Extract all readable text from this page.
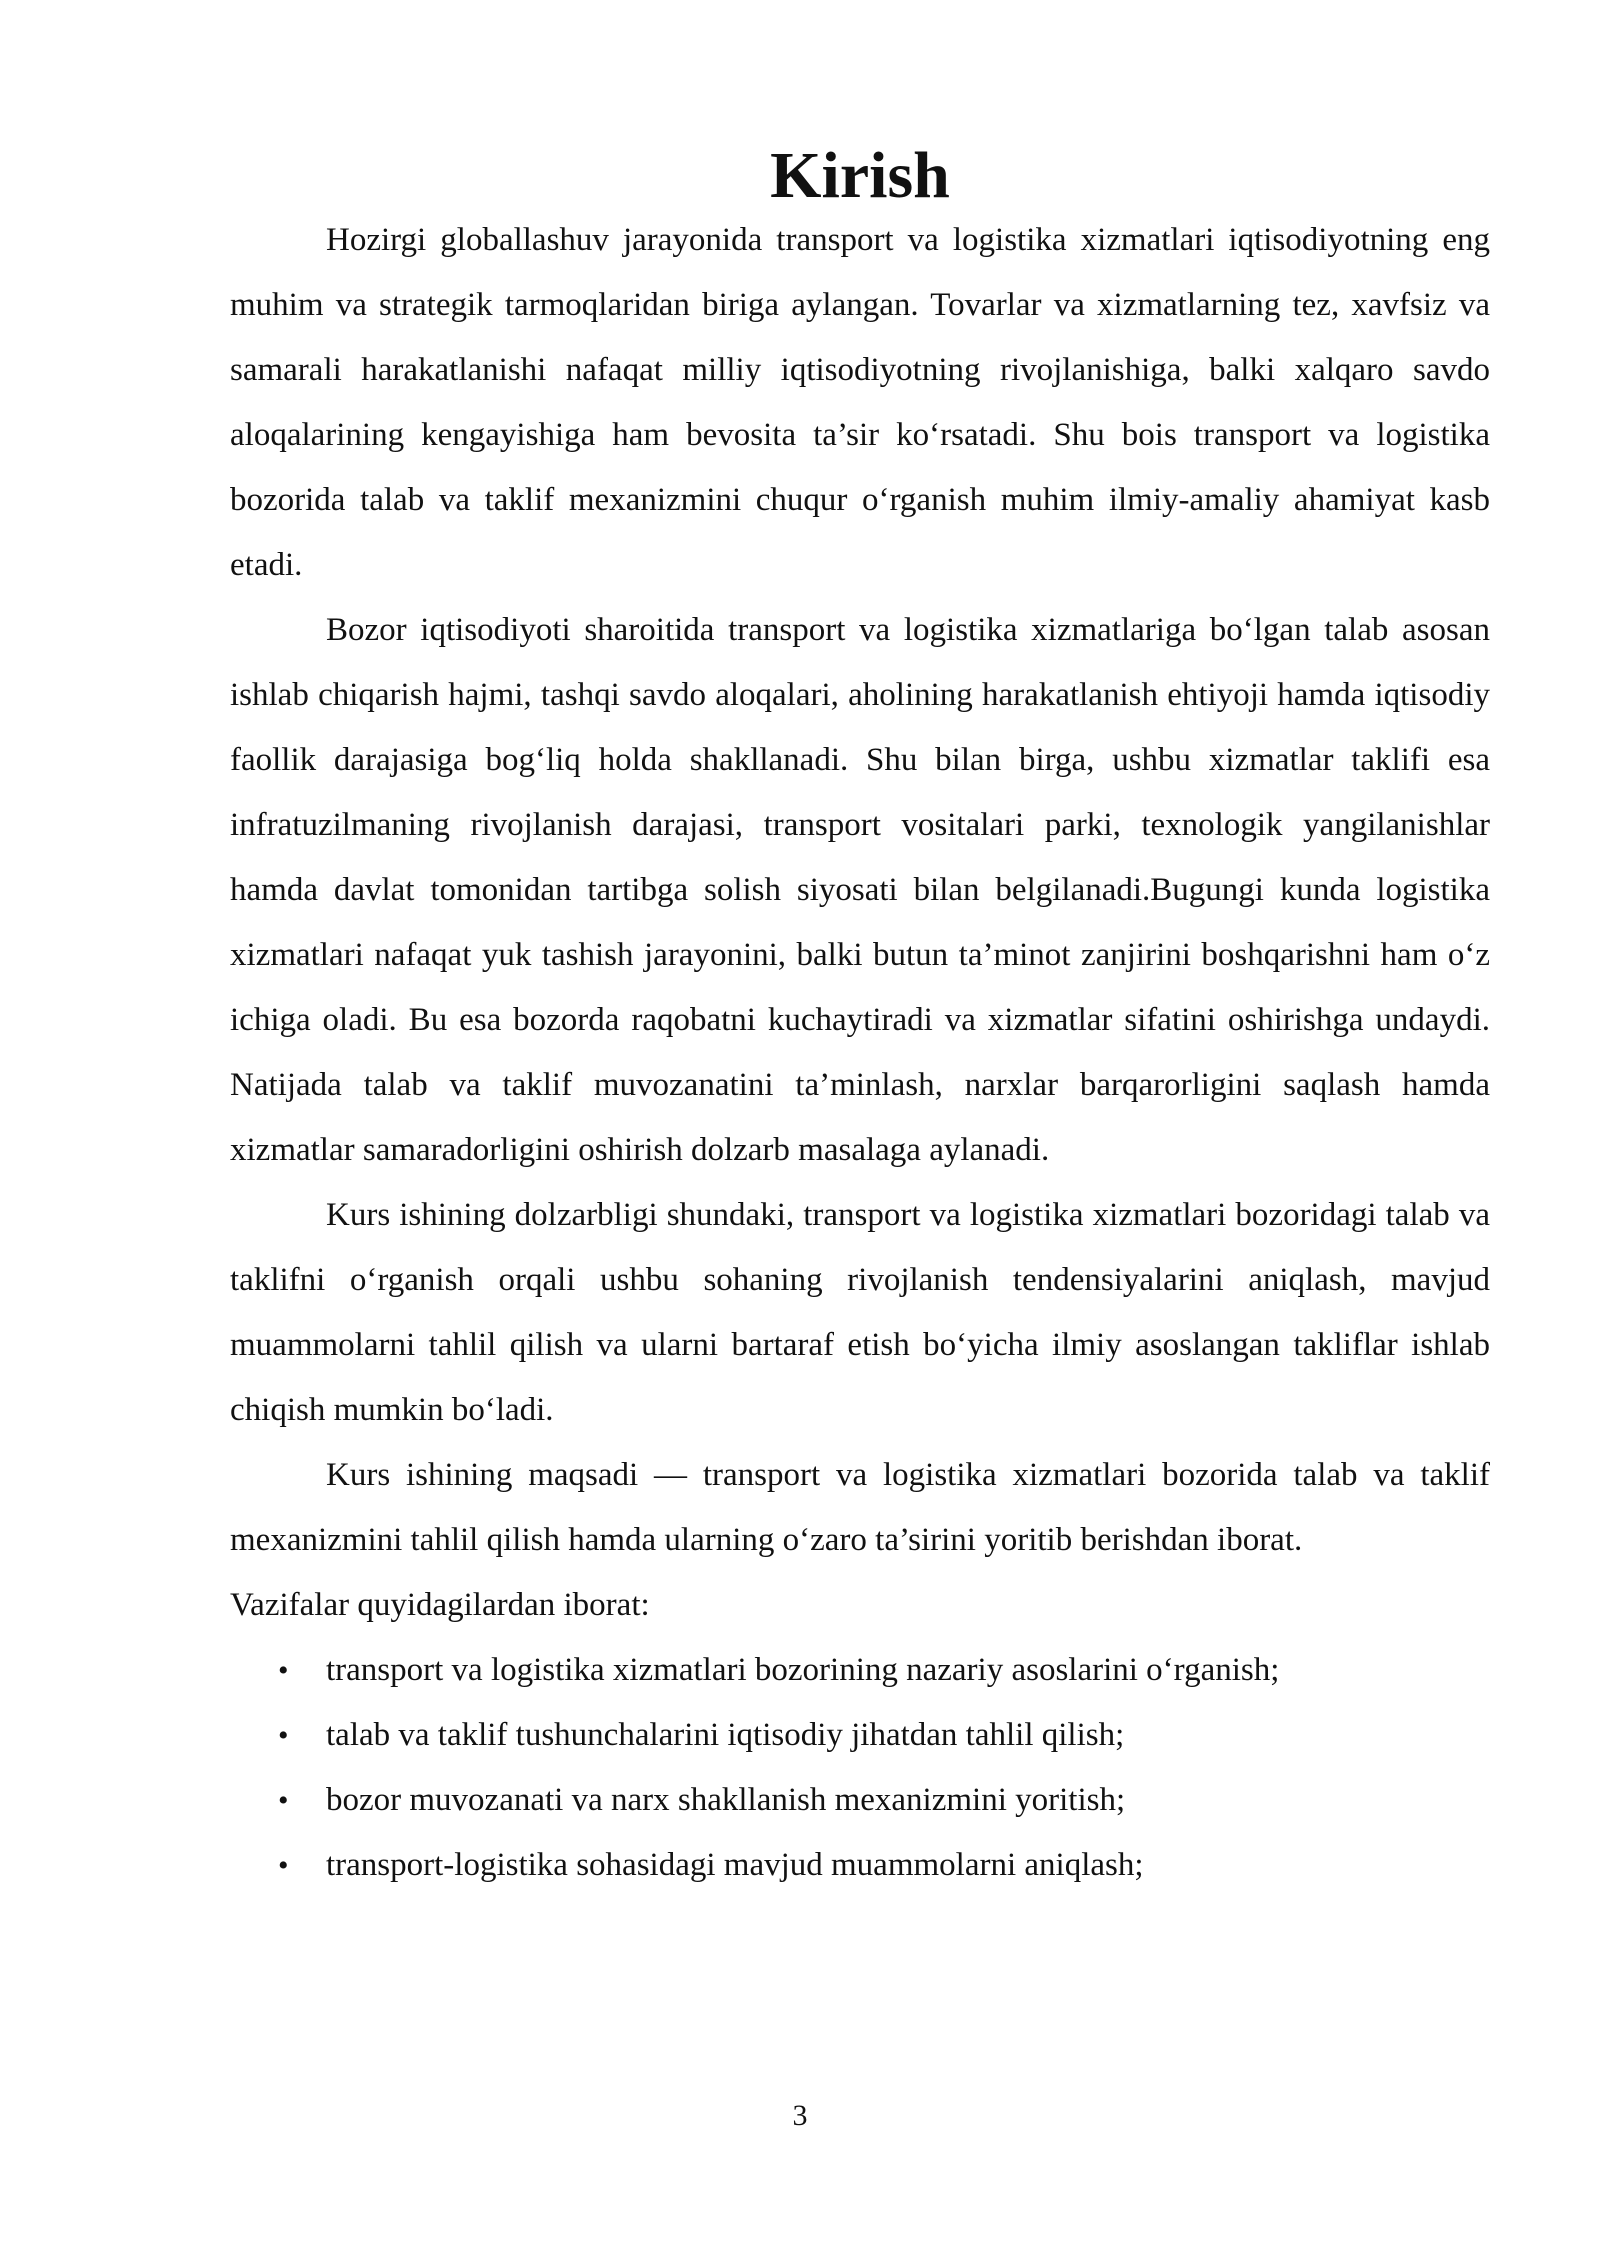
Kirish

Hozirgi globallashuv jarayonida transport va logistika xizmatlari iqtisodiyotning eng muhim va strategik tarmoqlaridan biriga aylangan. Tovarlar va xizmatlarning tez, xavfsiz va samarali harakatlanishi nafaqat milliy iqtisodiyotning rivojlanishiga, balki xalqaro savdo aloqalarining kengayishiga ham bevosita ta’sir ko‘rsatadi. Shu bois transport va logistika bozorida talab va taklif mexanizmini chuqur o‘rganish muhim ilmiy-amaliy ahamiyat kasb etadi.

Bozor iqtisodiyoti sharoitida transport va logistika xizmatlariga bo‘lgan talab asosan ishlab chiqarish hajmi, tashqi savdo aloqalari, aholining harakatlanish ehtiyoji hamda iqtisodiy faollik darajasiga bog‘liq holda shakllanadi. Shu bilan birga, ushbu xizmatlar taklifi esa infratuzilmaning rivojlanish darajasi, transport vositalari parki, texnologik yangilanishlar hamda davlat tomonidan tartibga solish siyosati bilan belgilanadi.Bugungi kunda logistika xizmatlari nafaqat yuk tashish jarayonini, balki butun ta’minot zanjirini boshqarishni ham o‘z ichiga oladi. Bu esa bozorda raqobatni kuchaytiradi va xizmatlar sifatini oshirishga undaydi. Natijada talab va taklif muvozanatini ta’minlash, narxlar barqarorligini saqlash hamda xizmatlar samaradorligini oshirish dolzarb masalaga aylanadi.

Kurs ishining dolzarbligi shundaki, transport va logistika xizmatlari bozoridagi talab va taklifni o‘rganish orqali ushbu sohaning rivojlanish tendensiyalarini aniqlash, mavjud muammolarni tahlil qilish va ularni bartaraf etish bo‘yicha ilmiy asoslangan takliflar ishlab chiqish mumkin bo‘ladi.

Kurs ishining maqsadi — transport va logistika xizmatlari bozorida talab va taklif mexanizmini tahlil qilish hamda ularning o‘zaro ta’sirini yoritib berishdan iborat.

Vazifalar quyidagilardan iborat:

• transport va logistika xizmatlari bozorining nazariy asoslarini o‘rganish;
• talab va taklif tushunchalarini iqtisodiy jihatdan tahlil qilish;
• bozor muvozanati va narx shakllanish mexanizmini yoritish;
• transport-logistika sohasidagi mavjud muammolarni aniqlash;
3
